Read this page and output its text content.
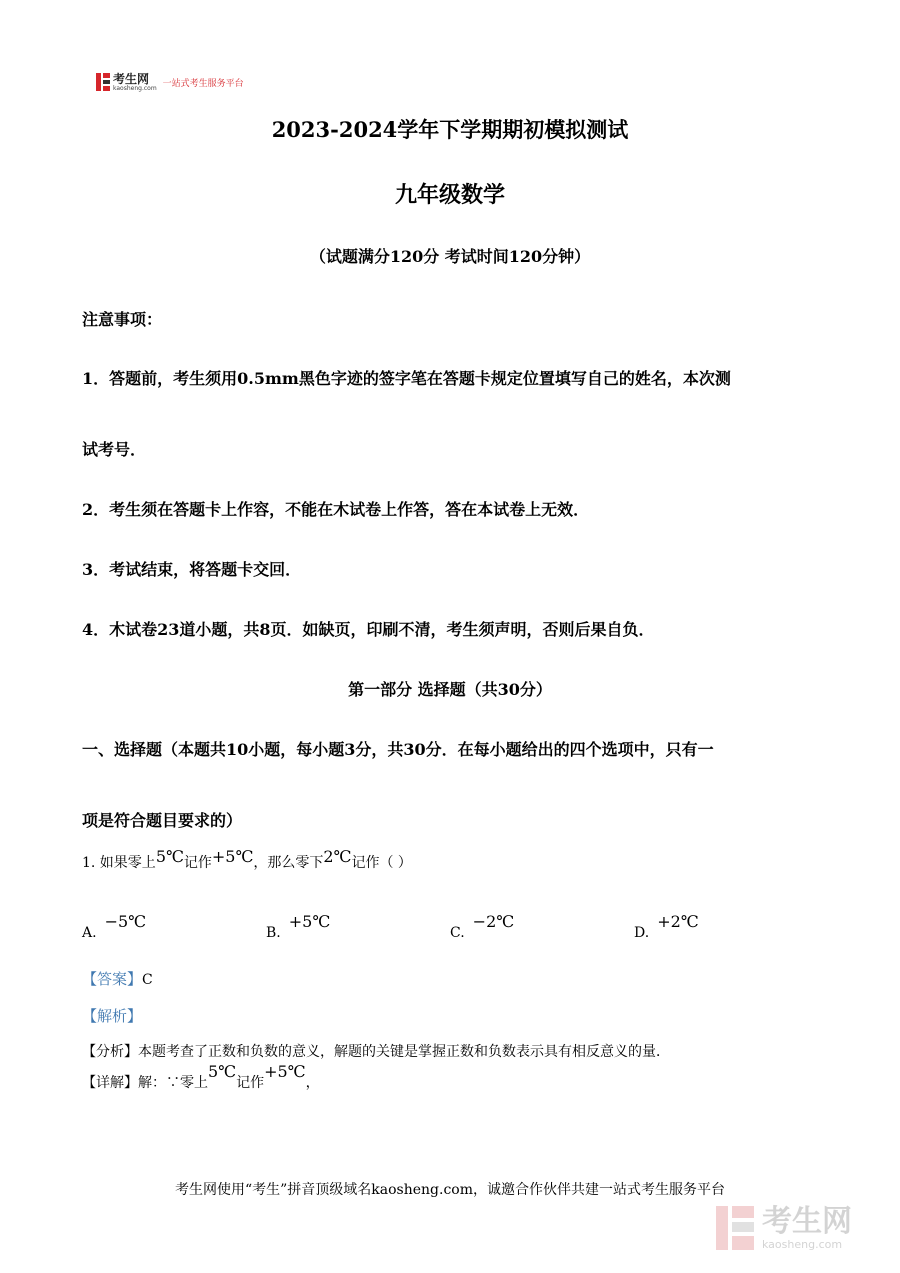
考生网
kaosheng.com 一站式考生服务平台
2023-2024学年下学期期初模拟测试
九年级数学
（试题满分120分 考试时间120分钟）
注意事项：
1．答题前，考生须用0.5mm黑色字迹的签字笔在答题卡规定位置填写自己的姓名，本次测
试考号．
2．考生须在答题卡上作容，不能在木试卷上作答，答在本试卷上无效．
3．考试结束，将答题卡交回．
4．木试卷23道小题，共8页．如缺页，印刷不清，考生须声明，否则后果自负．
第一部分 选择题（共30分）
一、选择题（本题共10小题，每小题3分，共30分．在每小题给出的四个选项中，只有一
项是符合题目要求的）
1. 如果零上5℃记作+5℃，那么零下2℃记作（ ）
A.−5℃
B.+5℃
C.−2℃
D.+2℃
【答案】C
【解析】
【分析】本题考查了正数和负数的意义，解题的关键是掌握正数和负数表示具有相反意义的量．
【详解】解：∵零上5℃记作+5℃，
考生网使用“考生”拼音顶级域名kaosheng.com，诚邀合作伙伴共建一站式考生服务平台
考生网
kaosheng.com
